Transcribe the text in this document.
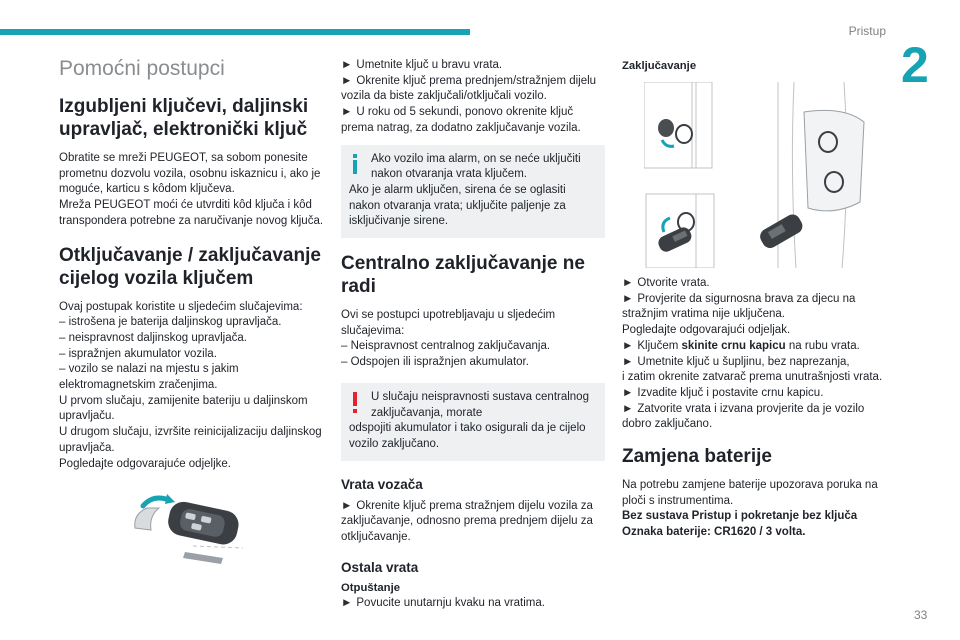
Pristup
2
33
Pomoćni postupci
Izgubljeni ključevi, daljinski upravljač, elektronički ključ

Obratite se mreži PEUGEOT, sa sobom ponesite prometnu dozvolu vozila, osobnu iskaznicu i, ako je moguće, karticu s kôdom ključeva.

Mreža PEUGEOT moći će utvrditi kôd ključa i kôd transpondera potrebne za naručivanje novog ključa.

Otključavanje / zaključavanje cijelog vozila ključem

Ovaj postupak koristite u sljedećim slučajevima:

– istrošena je baterija daljinskog upravljača.

– neispravnost daljinskog upravljača.

– ispražnjen akumulator vozila.

– vozilo se nalazi na mjestu s jakim elektromagnetskim zračenjima.

U prvom slučaju, zamijenite bateriju u daljinskom upravljaču.

U drugom slučaju, izvršite reinicijalizaciju daljinskog upravljača.

Pogledajte odgovarajuće odjeljke.

► Umetnite ključ u bravu vrata.

► Okrenite ključ prema prednjem/stražnjem dijelu vozila da biste zaključali/otključali vozilo.

► U roku od 5 sekundi, ponovo okrenite ključ prema natrag, za dodatno zaključavanje vozila.

Ako vozilo ima alarm, on se neće uključiti nakon otvaranja vrata ključem.
Ako je alarm uključen, sirena će se oglasiti nakon otvaranja vrata; uključite paljenje za isključivanje sirene.
Centralno zaključavanje ne radi

Ovi se postupci upotrebljavaju u sljedećim slučajevima:

– Neispravnost centralnog zaključavanja.

– Odspojen ili ispražnjen akumulator.

U slučaju neispravnosti sustava centralnog zaključavanja, morate
odspojiti akumulator i tako osigurali da je cijelo vozilo zaključano.
Vrata vozača

► Okrenite ključ prema stražnjem dijelu vozila za zaključavanje, odnosno prema prednjem dijelu za otključavanje.

Ostala vrata
Otpuštanje

► Povucite unutarnju kvaku na vratima.

Zaključavanje

► Otvorite vrata.

► Provjerite da sigurnosna brava za djecu na stražnjim vratima nije uključena.

Pogledajte odgovarajući odjeljak.

► Ključem skinite crnu kapicu na rubu vrata.

► Umetnite ključ u šupljinu, bez naprezanja,

i zatim okrenite zatvarač prema unutrašnjosti vrata.

► Izvadite ključ i postavite crnu kapicu.

► Zatvorite vrata i izvana provjerite da je vozilo dobro zaključano.

Zamjena baterije

Na potrebu zamjene baterije upozorava poruka na ploči s instrumentima.

Bez sustava Pristup i pokretanje bez ključa

Oznaka baterije: CR1620 / 3 volta.
